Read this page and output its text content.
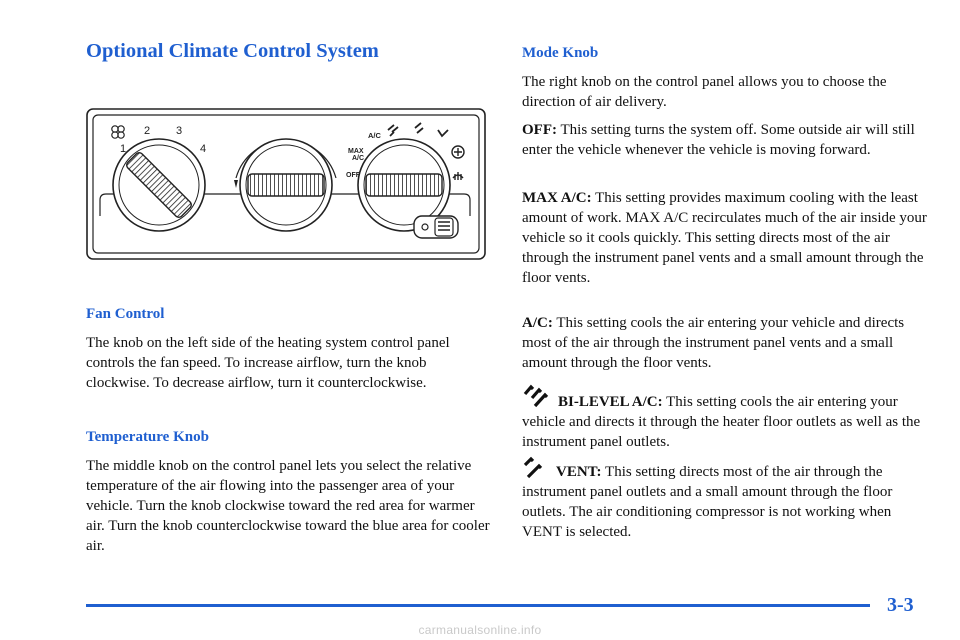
Optional Climate Control System
1
2 3
4
A/C
MAX
A/C
OFF

Fan Control

The knob on the left side of the heating system control panel controls the fan speed. To increase airflow, turn the knob clockwise. To decrease airflow, turn it counterclockwise.

Temperature Knob

The middle knob on the control panel lets you select the relative temperature of the air flowing into the passenger area of your vehicle. Turn the knob clockwise toward the red area for warmer air. Turn the knob counterclockwise toward the blue area for cooler air.

Mode Knob

The right knob on the control panel allows you to choose the direction of air delivery.

OFF: This setting turns the system off. Some outside air will still enter the vehicle whenever the vehicle is moving forward.

MAX A/C: This setting provides maximum cooling with the least amount of work. MAX A/C recirculates much of the air inside your vehicle so it cools quickly. This setting directs most of the air through the instrument panel vents and a small amount through the floor vents.

A/C: This setting cools the air entering your vehicle and directs most of the air through the instrument panel vents and a small amount through the floor vents.

BI-LEVEL A/C: This setting cools the air entering your vehicle and directs it through the heater floor outlets as well as the instrument panel outlets.

VENT: This setting directs most of the air through the instrument panel outlets and a small amount through the floor outlets. The air conditioning compressor is not working when VENT is selected.

3-3
carmanualsonline.info
